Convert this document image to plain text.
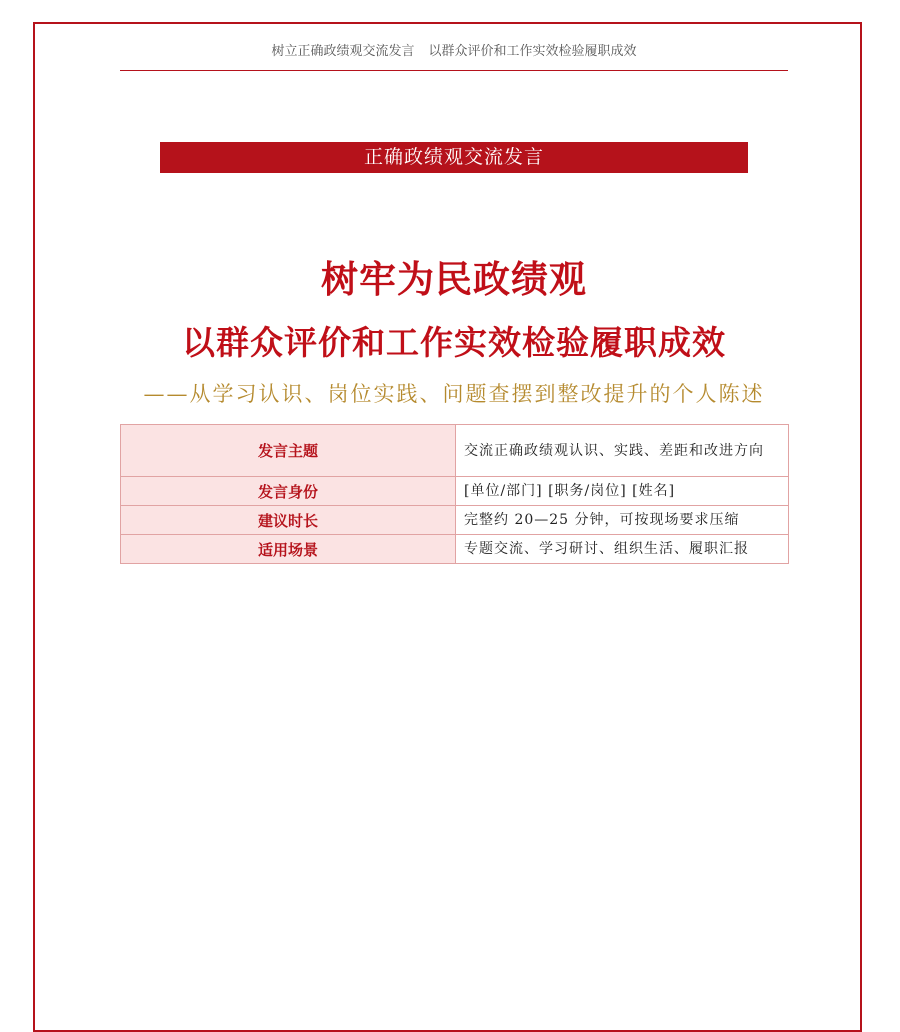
树立正确政绩观交流发言 以群众评价和工作实效检验履职成效
正确政绩观交流发言
树牢为民政绩观
以群众评价和工作实效检验履职成效
——从学习认识、岗位实践、问题查摆到整改提升的个人陈述
发言主题	交流正确政绩观认识、实践、差距和改进方向
发言身份	[单位/部门] [职务/岗位] [姓名]
建议时长	完整约 20—25 分钟，可按现场要求压缩
适用场景	专题交流、学习研讨、组织生活、履职汇报
